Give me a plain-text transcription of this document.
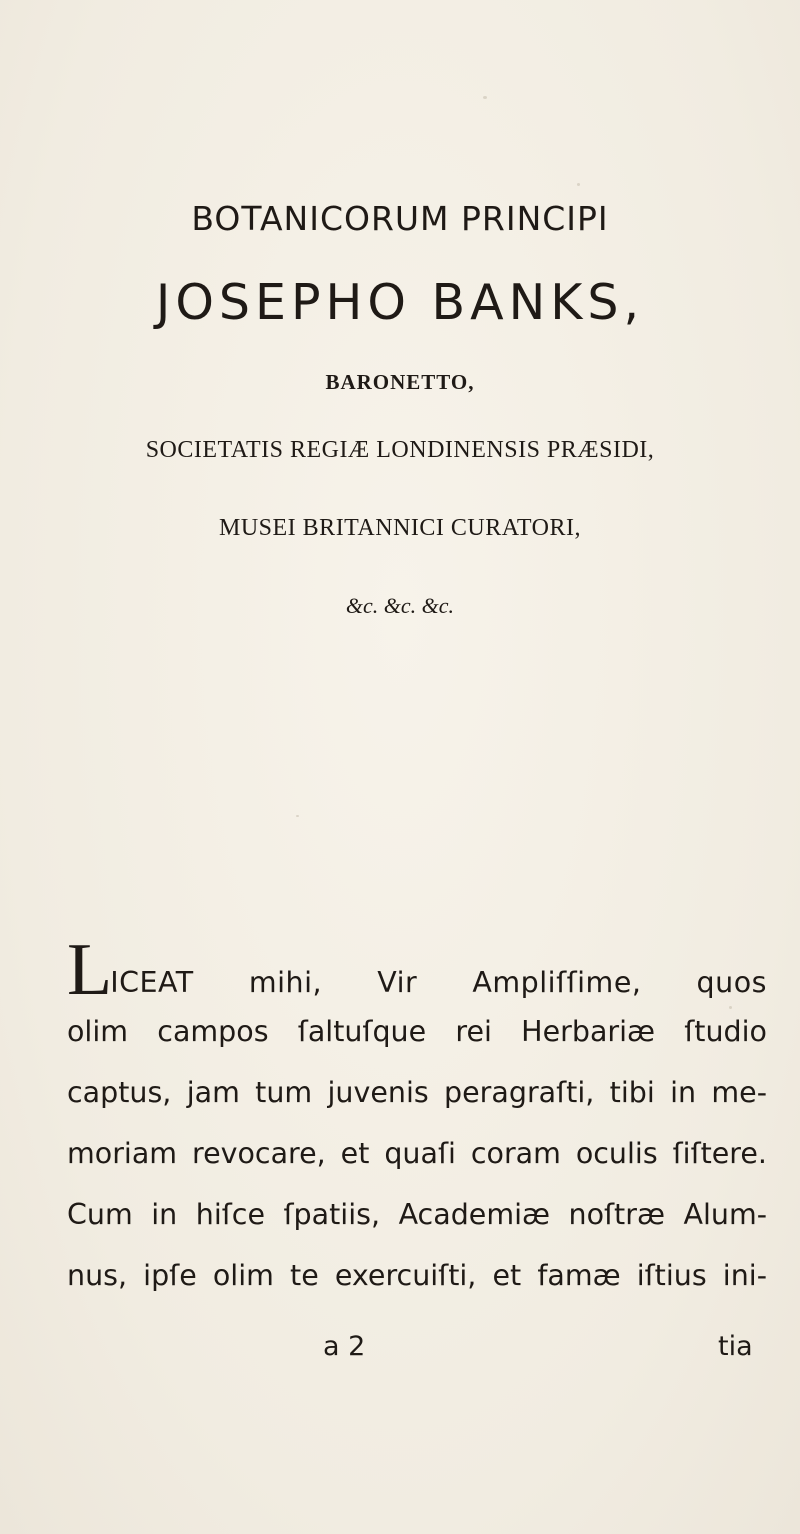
BOTANICORUM PRINCIPI
JOSEPHO BANKS,
BARONETTO,
SOCIETATIS REGIÆ LONDINENSIS PRÆSIDI,
MUSEI BRITANNICI CURATORI,
&c. &c. &c.
LICEAT mihi, Vir Ampliſſime, quos
olim campos ſaltuſque rei Herbariæ ſtudio
captus, jam tum juvenis peragraſti, tibi in me-
moriam revocare, et quaſi coram oculis ſiſtere.
Cum in hiſce ſpatiis, Academiæ noſtræ Alum-
nus, ipſe olim te exercuiſti, et famæ iſtius ini-
a 2	tia
